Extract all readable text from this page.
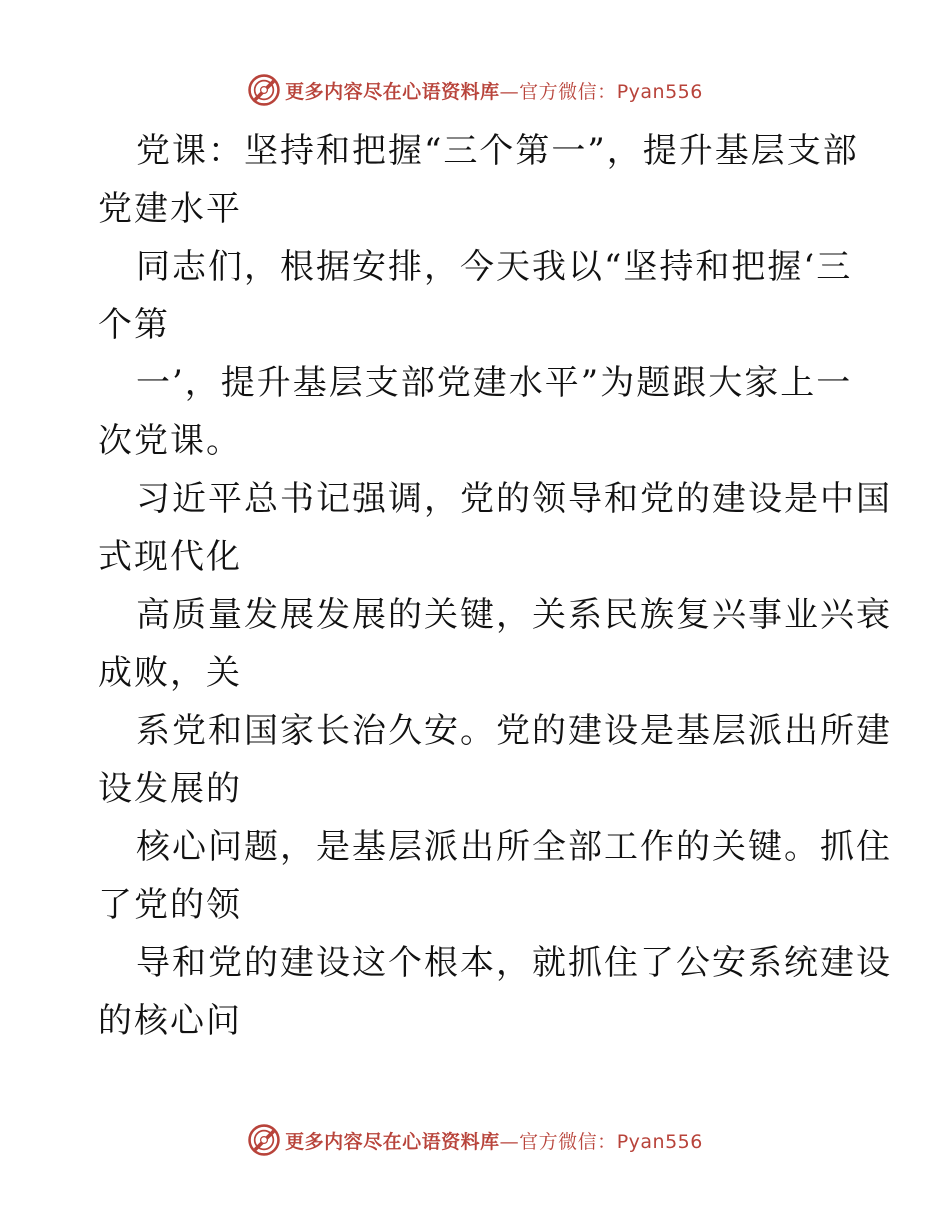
更多内容尽在心语资料库—官方微信：Pyan556
党课：坚持和把握“三个第一”，提升基层支部
党建水平
同志们，根据安排，今天我以“坚持和把握‘三
个第
一’，提升基层支部党建水平”为题跟大家上一
次党课。
习近平总书记强调，党的领导和党的建设是中国
式现代化
高质量发展发展的关键，关系民族复兴事业兴衰
成败，关
系党和国家长治久安。党的建设是基层派出所建
设发展的
核心问题，是基层派出所全部工作的关键。抓住
了党的领
导和党的建设这个根本，就抓住了公安系统建设
的核心问
更多内容尽在心语资料库—官方微信：Pyan556
